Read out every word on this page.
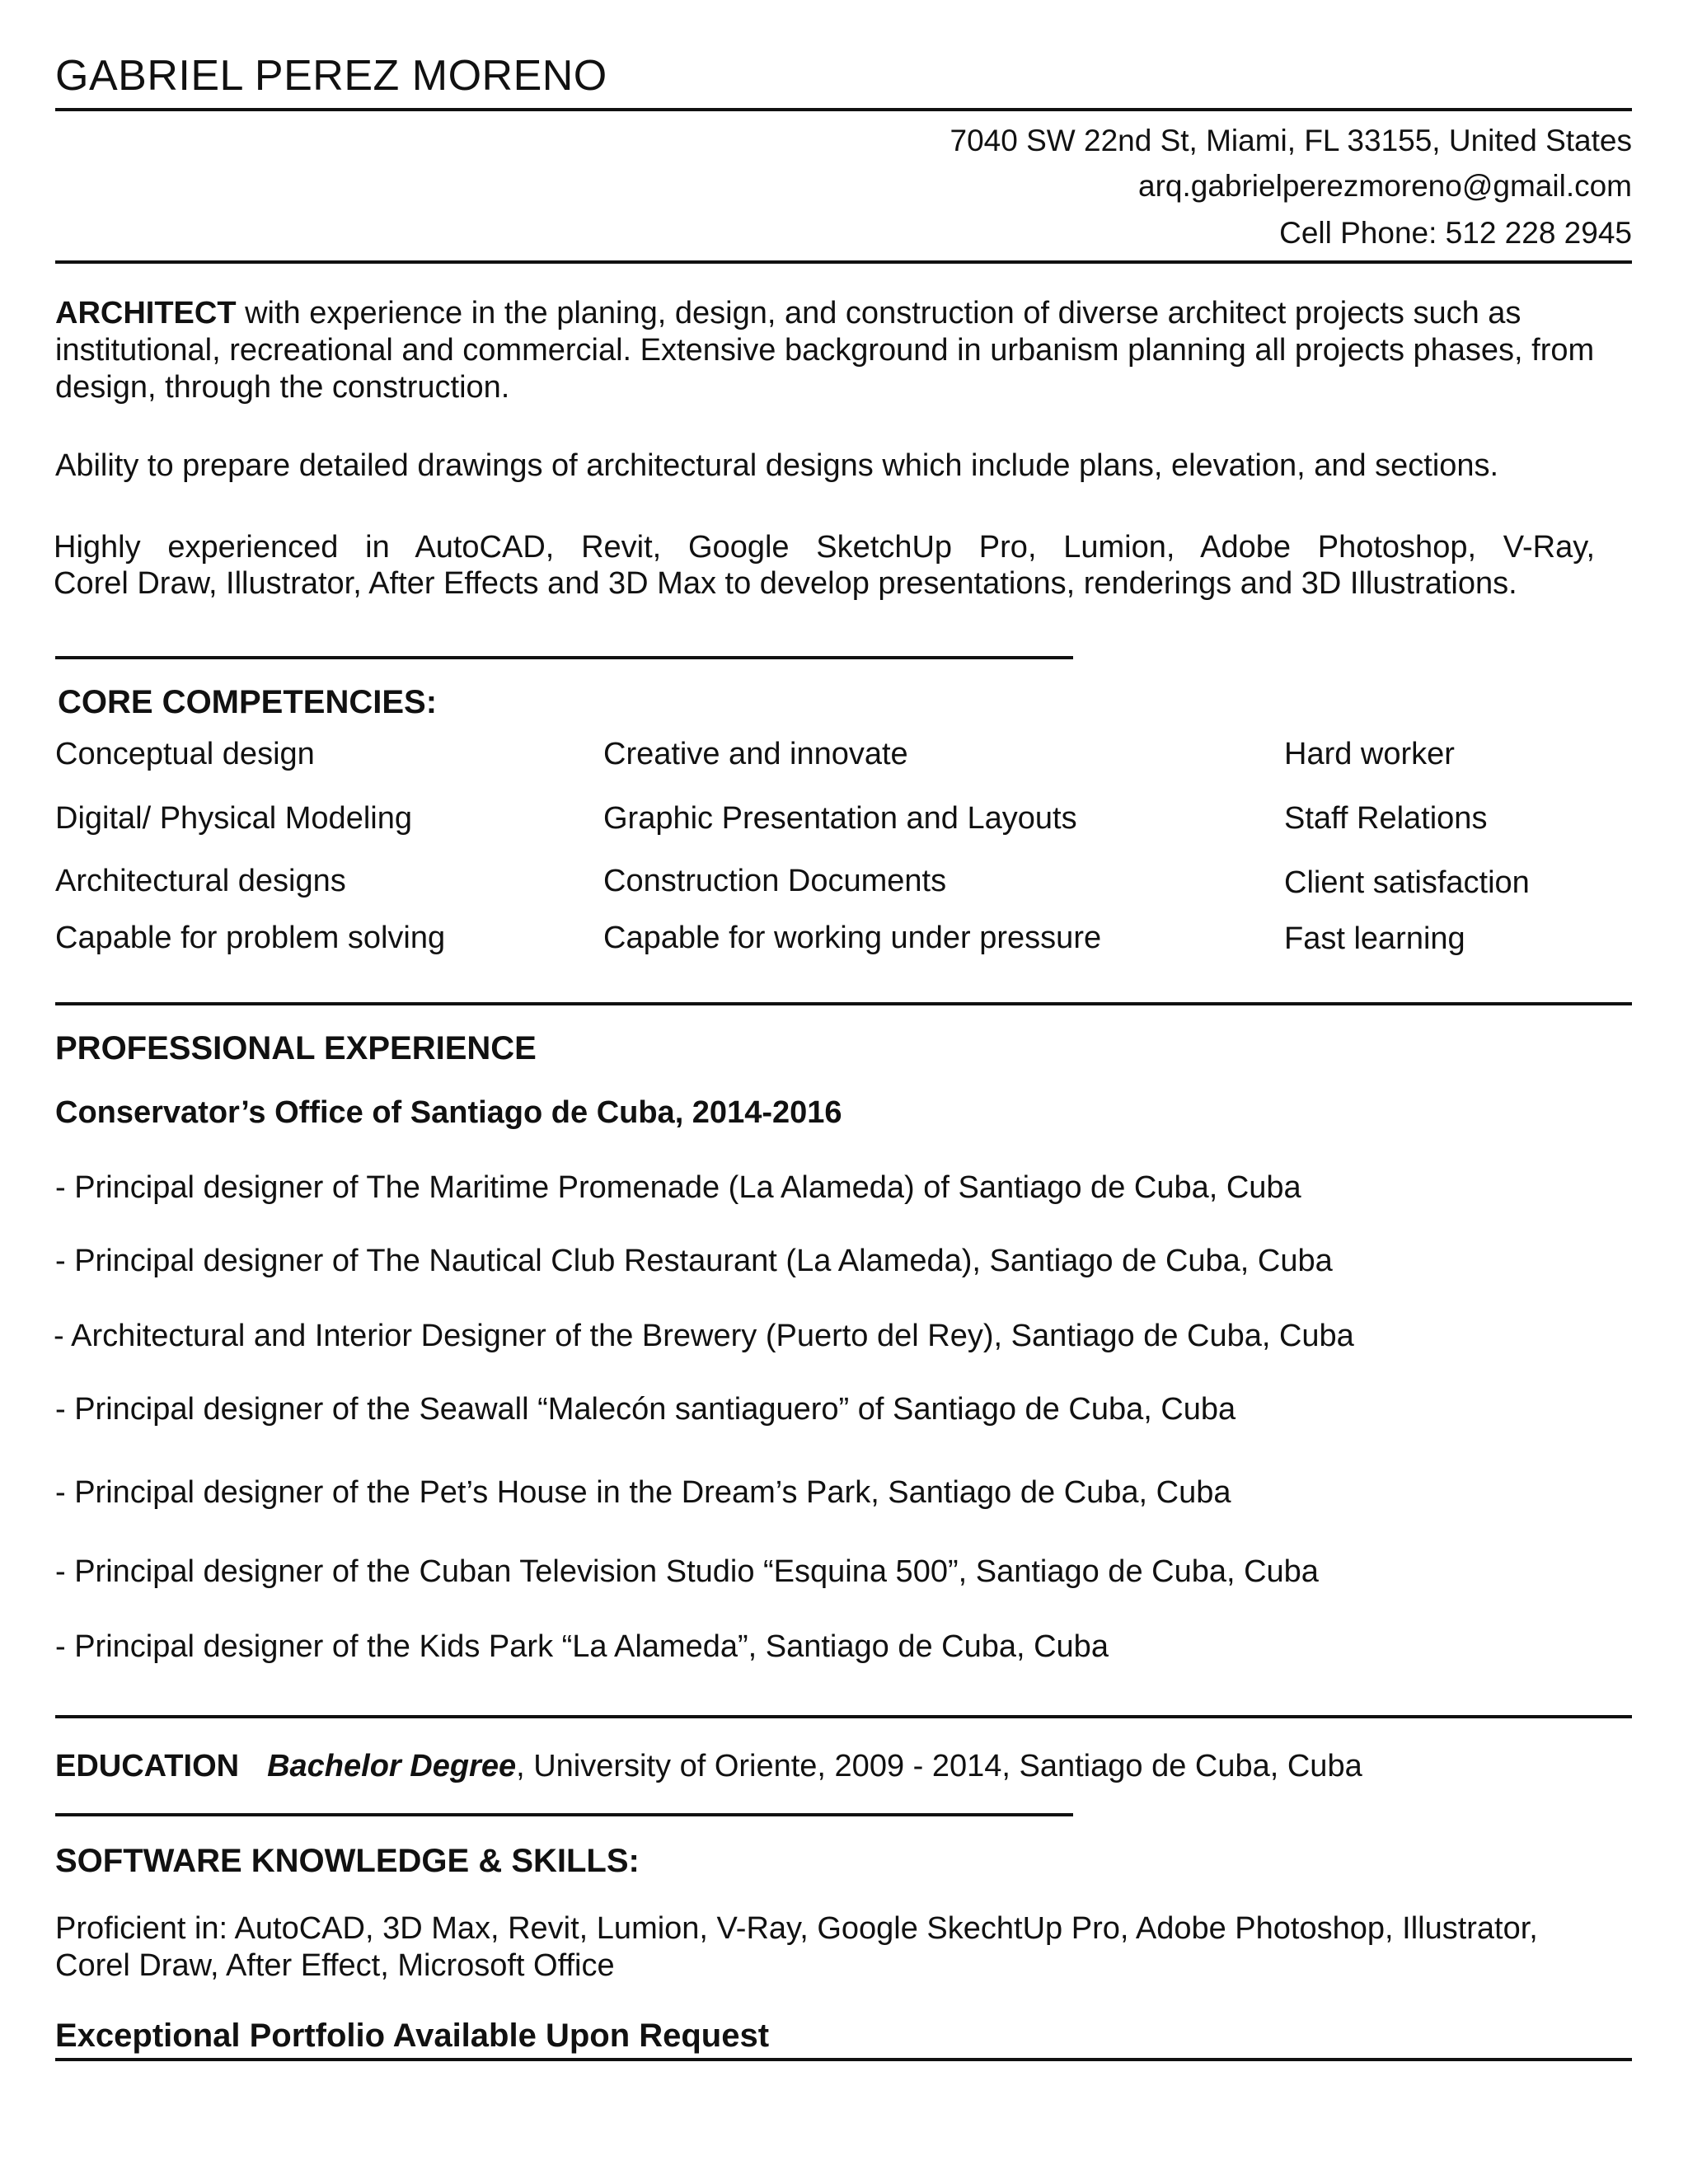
GABRIEL PEREZ MORENO
7040 SW 22nd St, Miami, FL 33155, United States
arq.gabrielperezmoreno@gmail.com
Cell Phone: 512 228 2945
ARCHITECT with experience in the planing, design, and construction of diverse architect projects such as institutional, recreational and commercial. Extensive background in urbanism planning all projects phases, from design, through the construction.
Ability to prepare detailed drawings of architectural designs which include plans, elevation, and sections.
Highly experienced in AutoCAD, Revit, Google SketchUp Pro, Lumion, Adobe Photoshop, V-Ray,
Corel Draw, Illustrator, After Effects and 3D Max to develop presentations, renderings and 3D Illustrations.
CORE COMPETENCIES:
Conceptual design
Digital/ Physical Modeling
Architectural designs
Capable for problem solving
Creative and innovate
Graphic Presentation and Layouts
Construction Documents
Capable for working under pressure
Hard worker
Staff Relations
Client satisfaction
Fast learning
PROFESSIONAL EXPERIENCE
Conservator’s Office of Santiago de Cuba, 2014-2016
- Principal designer of The Maritime Promenade (La Alameda) of Santiago de Cuba, Cuba
- Principal designer of The Nautical Club Restaurant (La Alameda), Santiago de Cuba, Cuba
- Architectural and Interior Designer of the Brewery (Puerto del Rey), Santiago de Cuba, Cuba
- Principal designer of the Seawall “Malecón santiaguero” of Santiago de Cuba, Cuba
- Principal designer of the Pet’s House in the Dream’s Park, Santiago de Cuba, Cuba
- Principal designer of the Cuban Television Studio “Esquina 500”, Santiago de Cuba, Cuba
- Principal designer of the Kids Park “La Alameda”, Santiago de Cuba, Cuba
EDUCATION Bachelor Degree, University of Oriente, 2009 - 2014, Santiago de Cuba, Cuba
SOFTWARE KNOWLEDGE & SKILLS:
Proficient in: AutoCAD, 3D Max, Revit, Lumion, V-Ray, Google SkechtUp Pro, Adobe Photoshop, Illustrator, Corel Draw, After Effect, Microsoft Office
Exceptional Portfolio Available Upon Request
